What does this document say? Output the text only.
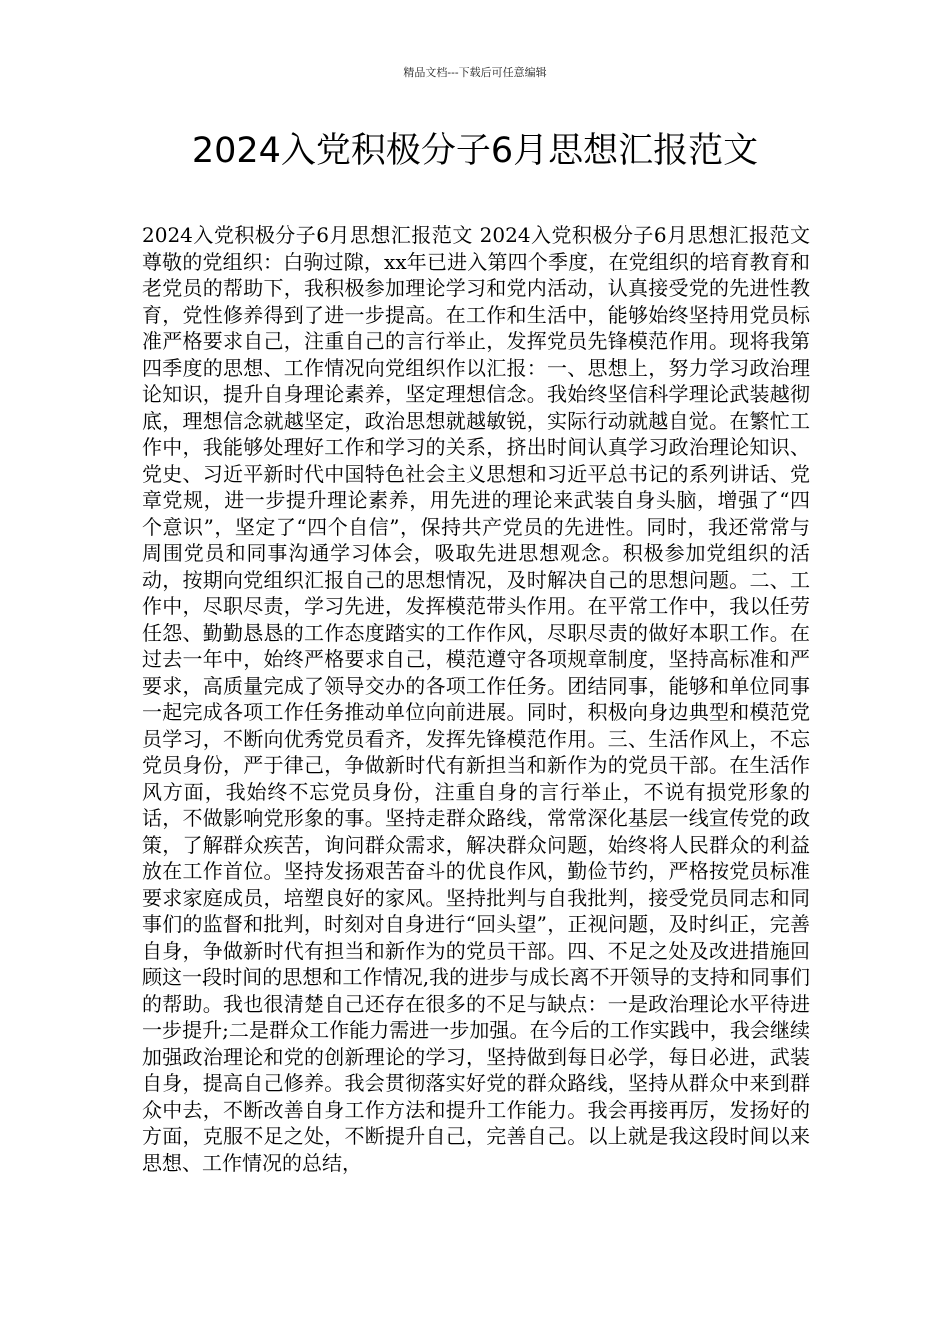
精品文档---下载后可任意编辑
2024入党积极分子6月思想汇报范文

2024入党积极分子6月思想汇报范文 2024入党积极分子6月思想汇报范文尊敬的党组织：白驹过隙，xx年已进入第四个季度，在党组织的培育教育和老党员的帮助下，我积极参加理论学习和党内活动，认真接受党的先进性教育，党性修养得到了进一步提高。在工作和生活中，能够始终坚持用党员标准严格要求自己，注重自己的言行举止，发挥党员先锋模范作用。现将我第四季度的思想、工作情况向党组织作以汇报：一、思想上，努力学习政治理论知识，提升自身理论素养，坚定理想信念。我始终坚信科学理论武装越彻底，理想信念就越坚定，政治思想就越敏锐，实际行动就越自觉。在繁忙工作中，我能够处理好工作和学习的关系，挤出时间认真学习政治理论知识、党史、习近平新时代中国特色社会主义思想和习近平总书记的系列讲话、党章党规，进一步提升理论素养，用先进的理论来武装自身头脑，增强了“四个意识”，坚定了“四个自信”，保持共产党员的先进性。同时，我还常常与周围党员和同事沟通学习体会，吸取先进思想观念。积极参加党组织的活动，按期向党组织汇报自己的思想情况，及时解决自己的思想问题。二、工作中，尽职尽责，学习先进，发挥模范带头作用。在平常工作中，我以任劳任怨、勤勤恳恳的工作态度踏实的工作作风，尽职尽责的做好本职工作。在过去一年中，始终严格要求自己，模范遵守各项规章制度，坚持高标准和严要求，高质量完成了领导交办的各项工作任务。团结同事，能够和单位同事一起完成各项工作任务推动单位向前进展。同时，积极向身边典型和模范党员学习，不断向优秀党员看齐，发挥先锋模范作用。三、生活作风上，不忘党员身份，严于律己，争做新时代有新担当和新作为的党员干部。在生活作风方面，我始终不忘党员身份，注重自身的言行举止，不说有损党形象的话，不做影响党形象的事。坚持走群众路线，常常深化基层一线宣传党的政策，了解群众疾苦，询问群众需求，解决群众问题，始终将人民群众的利益放在工作首位。坚持发扬艰苦奋斗的优良作风，勤俭节约，严格按党员标准要求家庭成员，培塑良好的家风。坚持批判与自我批判，接受党员同志和同事们的监督和批判，时刻对自身进行“回头望”，正视问题，及时纠正，完善自身，争做新时代有担当和新作为的党员干部。四、不足之处及改进措施回顾这一段时间的思想和工作情况,我的进步与成长离不开领导的支持和同事们的帮助。我也很清楚自己还存在很多的不足与缺点：一是政治理论水平待进一步提升;二是群众工作能力需进一步加强。在今后的工作实践中，我会继续加强政治理论和党的创新理论的学习，坚持做到每日必学，每日必进，武装自身，提高自己修养。我会贯彻落实好党的群众路线，坚持从群众中来到群众中去，不断改善自身工作方法和提升工作能力。我会再接再厉，发扬好的方面，克服不足之处，不断提升自己，完善自己。以上就是我这段时间以来思想、工作情况的总结，
